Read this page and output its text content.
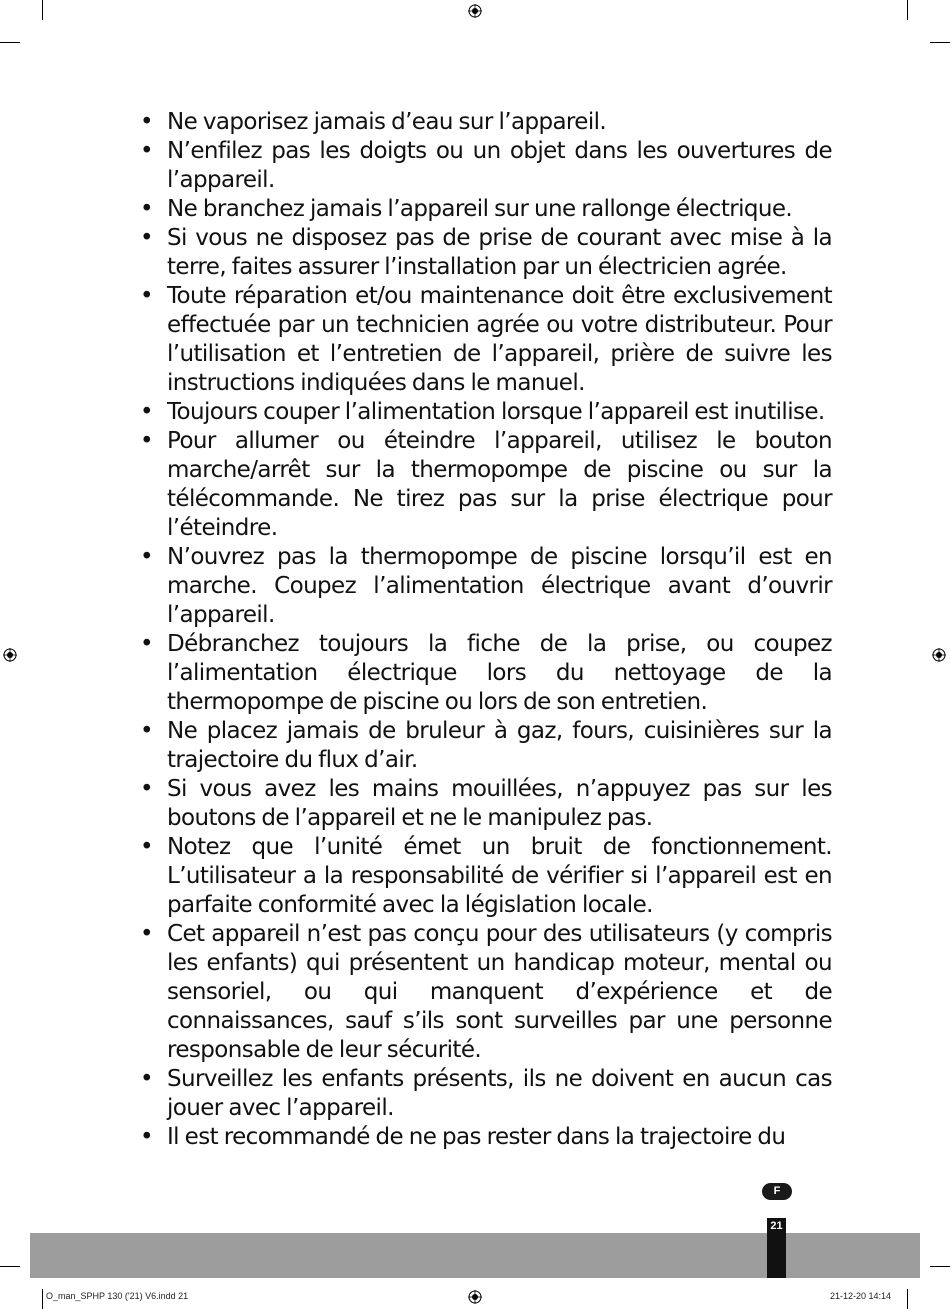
• Ne vaporisez jamais d’eau sur l’appareil.
• N’enfilez pas les doigts ou un objet dans les ouvertures de l’appareil.
• Ne branchez jamais l’appareil sur une rallonge électrique.
• Si vous ne disposez pas de prise de courant avec mise à la terre, faites assurer l’installation par un électricien agrée.
• Toute réparation et/ou maintenance doit être exclusivement effectuée par un technicien agrée ou votre distributeur. Pour l’utilisation et l’entretien de l’appareil, prière de suivre les instructions indiquées dans le manuel.
• Toujours couper l’alimentation lorsque l’appareil est inutilise.
• Pour allumer ou éteindre l’appareil, utilisez le bouton marche/arrêt sur la thermopompe de piscine ou sur la télécommande. Ne tirez pas sur la prise électrique pour l’éteindre.
• N’ouvrez pas la thermopompe de piscine lorsqu’il est en marche. Coupez l’alimentation électrique avant d’ouvrir l’appareil.
• Débranchez toujours la fiche de la prise, ou coupez l’alimentation électrique lors du nettoyage de la thermopompe de piscine ou lors de son entretien.
• Ne placez jamais de bruleur à gaz, fours, cuisinières sur la trajectoire du flux d’air.
• Si vous avez les mains mouillées, n’appuyez pas sur les boutons de l’appareil et ne le manipulez pas.
• Notez que l’unité émet un bruit de fonctionnement. L’utilisateur a la responsabilité de vérifier si l’appareil est en parfaite conformité avec la législation locale.
• Cet appareil n’est pas conçu pour des utilisateurs (y compris les enfants) qui présentent un handicap moteur, mental ou sensoriel, ou qui manquent d’expérience et de connaissances, sauf s’ils sont surveilles par une personne responsable de leur sécurité.
• Surveillez les enfants présents, ils ne doivent en aucun cas jouer avec l’appareil.
• Il est recommandé de ne pas rester dans la trajectoire du
F
21
O_man_SPHP 130 ('21) V6.indd 21	21-12-20 14:14
